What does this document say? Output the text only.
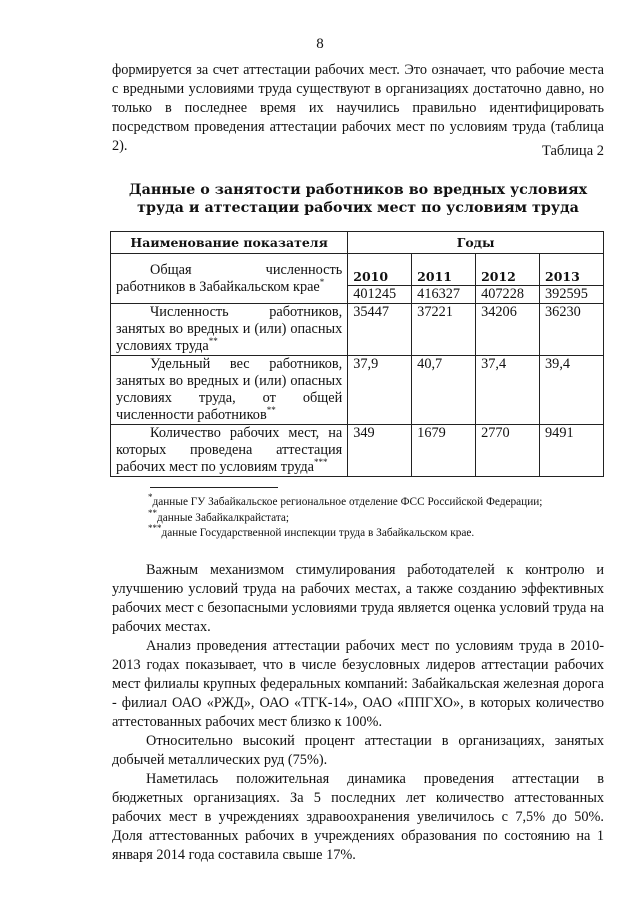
8

формируется за счет аттестации рабочих мест. Это означает, что рабочие места с вредными условиями труда существуют в организациях достаточно давно, но только в последнее время их научились правильно идентифицировать посредством проведения аттестации рабочих мест по условиям труда (таблица 2).	Таблица 2
Данные о занятости работников во вредных условиях труда и аттестации рабочих мест по условиям труда
Наименование показателя	Годы			
Общая численность работников в Забайкальском крае*	2010	2011	2012	2013
	401245	416327	407228	392595
Численность работников, занятых во вредных и (или) опасных условиях труда**	35447	37221	34206	36230
Удельный вес работников, занятых во вредных и (или) опасных условиях труда, от общей численности работников**	37,9	40,7	37,4	39,4
Количество рабочих мест, на которых проведена аттестация рабочих мест по условиям труда***	349	1679	2770	9491
*данные ГУ Забайкальское региональное отделение ФСС Российской Федерации;
**данные Забайкалкрайстата;
***данные Государственной инспекции труда в Забайкальском крае.

Важным механизмом стимулирования работодателей к контролю и улучшению условий труда на рабочих местах, а также созданию эффективных рабочих мест с безопасными условиями труда является оценка условий труда на рабочих местах.

Анализ проведения аттестации рабочих мест по условиям труда в 2010-2013 годах показывает, что в числе безусловных лидеров аттестации рабочих мест филиалы крупных федеральных компаний: Забайкальская железная дорога - филиал ОАО «РЖД», ОАО «ТГК-14», ОАО «ППГХО», в которых количество аттестованных рабочих мест близко к 100%.

Относительно высокий процент аттестации в организациях, занятых добычей металлических руд (75%).

Наметилась положительная динамика проведения аттестации в бюджетных организациях. За 5 последних лет количество аттестованных рабочих мест в учреждениях здравоохранения увеличилось с 7,5% до 50%. Доля аттестованных рабочих в учреждениях образования по состоянию на 1 января 2014 года составила свыше 17%.
